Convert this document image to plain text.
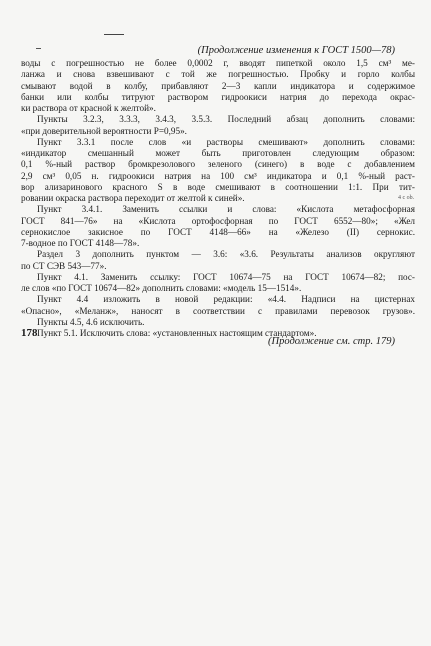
(Продолжение изменения к ГОСТ 1500—78)
воды с погрешностью не более 0,0002 г, вводят пипеткой около 1,5 см³ ме-
ланжа и снова взвешивают с той же погрешностью. Пробку и горло колбы
смывают водой в колбу, прибавляют 2—3 капли индикатора и содержимое
банки или колбы титруют раствором гидроокиси натрия до перехода окрас-
ки раствора от красной к желтой».
Пункты 3.2.3, 3.3.3, 3.4.3, 3.5.3. Последний абзац дополнить словами:
«при доверительной вероятности P=0,95».
Пункт 3.3.1 после слов «и растворы смешивают» дополнить словами:
«индикатор смешанный может быть приготовлен следующим образом:
0,1 %-ный раствор бромкрезолового зеленого (синего) в воде с добавлением
2,9 см³ 0,05 н. гидроокиси натрия на 100 см³ индикатора и 0,1 %-ный раст-
вор ализаринового красного S в воде смешивают в соотношении 1:1. При тит-
ровании окраска раствора переходит от желтой к синей».
Пункт 3.4.1. Заменить ссылки и слова: «Кислота метафосфорная
ГОСТ 841—76» на «Кислота ортофосфорная по ГОСТ 6552—80»; «Жел
сернокислое закисное по ГОСТ 4148—66» на «Железо (II) сернокис.
7-водное по ГОСТ 4148—78».
Раздел 3 дополнить пунктом — 3.6: «3.6. Результаты анализов округляют
по СТ СЭВ 543—77».
Пункт 4.1. Заменить ссылку: ГОСТ 10674—75 на ГОСТ 10674—82; пос-
ле слов «по ГОСТ 10674—82» дополнить словами: «модель 15—1514».
Пункт 4.4 изложить в новой редакции: «4.4. Надписи на цистернах
«Опасно», «Меланж», наносят в соответствии с правилами перевозок грузов».
Пункты 4.5, 4.6 исключить.
Пункт 5.1. Исключить слова: «установленных настоящим стандартом».
4 с ob.
178
(Продолжение см. стр. 179)
